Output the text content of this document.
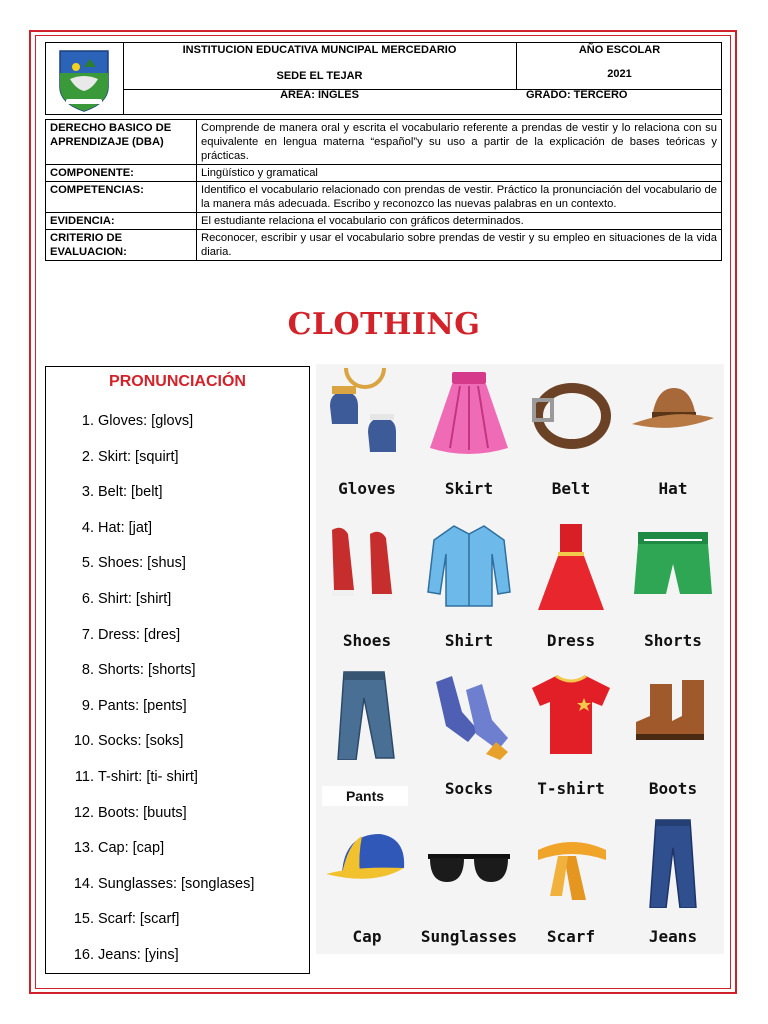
INSTITUCION EDUCATIVA MUNCIPAL MERCEDARIO	AÑO ESCOLAR
2021
SEDE EL TEJAR
AREA: INGLES	GRADO: TERCERO
DERECHO BASICO DE APRENDIZAJE (DBA)	Comprende de manera oral y escrita el vocabulario referente a prendas de vestir y lo relaciona con su equivalente en lengua materna “español”y su uso a partir de la explicación de bases teóricas y prácticas.
COMPONENTE:	Lingüístico y gramatical
COMPETENCIAS:	Identifico el vocabulario relacionado con prendas de vestir. Práctico la pronunciación del vocabulario de la manera más adecuada. Escribo y reconozco las nuevas palabras en un contexto.
EVIDENCIA:	El estudiante relaciona el vocabulario con gráficos determinados.
CRITERIO DE EVALUACION:	Reconocer, escribir y usar el vocabulario sobre prendas de vestir y su empleo en situaciones de la vida diaria.
CLOTHING
PRONUNCIACIÓN
1. Gloves: [glovs]
2. Skirt: [squirt]
3. Belt: [belt]
4. Hat: [jat]
5. Shoes: [shus]
6. Shirt: [shirt]
7. Dress: [dres]
8. Shorts: [shorts]
9. Pants: [pents]
10. Socks: [soks]
11. T-shirt: [ti- shirt]
12. Boots: [buuts]
13. Cap: [cap]
14. Sunglasses: [songlases]
15. Scarf: [scarf]
16. Jeans: [yins]
Gloves	Skirt	Belt	Hat
Shoes	Shirt	Dress	Shorts
Pants	Socks	T-shirt	Boots
Cap	Sunglasses	Scarf	Jeans
